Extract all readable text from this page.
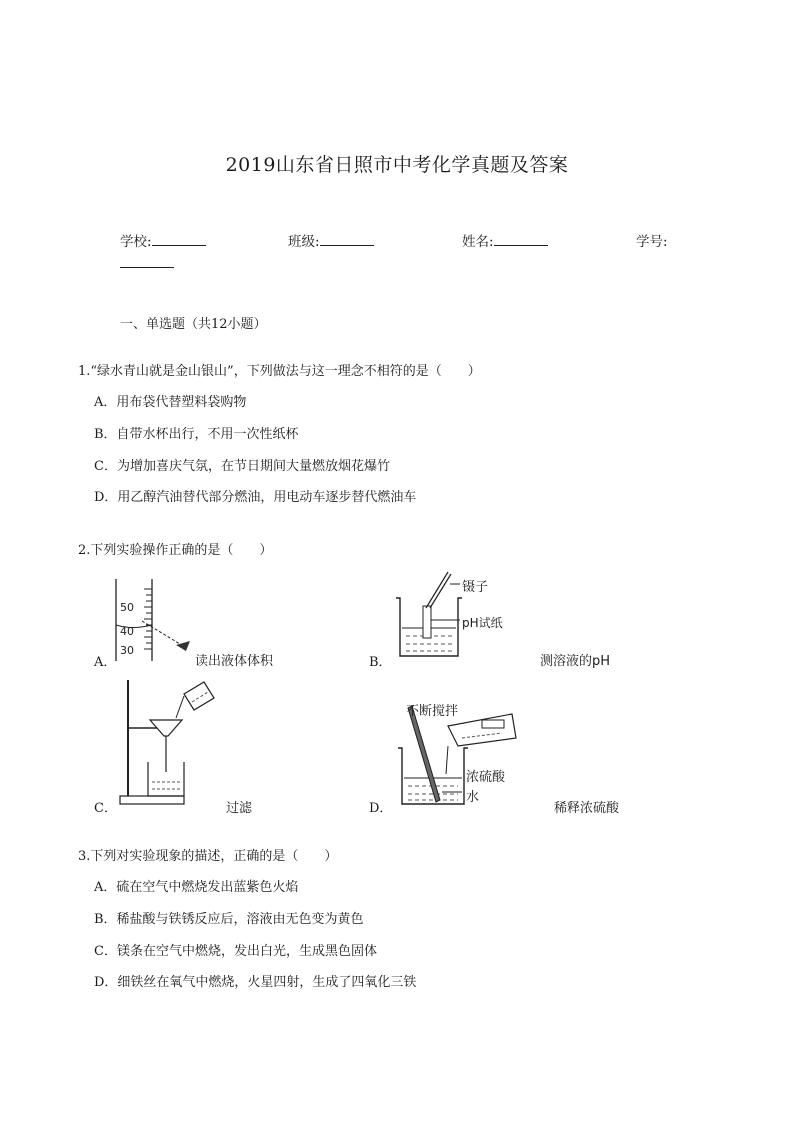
2019山东省日照市中考化学真题及答案
学校:	班级:	姓名:	学号:
一、单选题（共12小题）
1.“绿水青山就是金山银山”，下列做法与这一理念不相符的是（　　）
A．用布袋代替塑料袋购物
B．自带水杯出行，不用一次性纸杯
C．为增加喜庆气氛，在节日期间大量燃放烟花爆竹
D．用乙醇汽油替代部分燃油，用电动车逐步替代燃油车
2.下列实验操作正确的是（　　）
A．
50
40
30
读出液体体积	B．
镊子
pH试纸
测溶液的pH
C．	过滤	D．
不断搅拌
浓硫酸
水
稀释浓硫酸
3.下列对实验现象的描述，正确的是（　　）
A．硫在空气中燃烧发出蓝紫色火焰
B．稀盐酸与铁锈反应后，溶液由无色变为黄色
C．镁条在空气中燃烧，发出白光，生成黑色固体
D．细铁丝在氧气中燃烧，火星四射，生成了四氧化三铁
